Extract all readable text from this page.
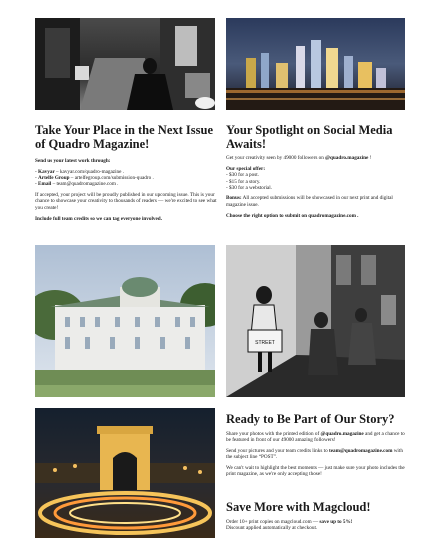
Take Your Place in the Next Issue of Quadro Magazine!

Send us your latest work through:

- Kavyar – kavyar.com/quadro-magazine .
- Artelfe Group – artelfegroup.com/submission-quadro .
- Email – team@quadromagazine.com .

If accepted, your project will be proudly published in our upcoming issue. This is your chance to showcase your creativity to thousands of readers — we're excited to see what you create!

Include full team credits so we can tag everyone involved.

Your Spotlight on Social Media Awaits!

Get your creativity seen by 49000 followers on @quadro.magazine !

Our special offer:

- $30 for a post.
- $15 for a story.
- $30 for a webstorial.

Bonus: All accepted submissions will be showcased in our next print and digital magazine issue.

Choose the right option to submit on quadromagazine.com .

STREET
Ready to Be Part of Our Story?

Share your photos with the printed edition of @quadro.magazine and get a chance to be featured in front of our 49000 amazing followers!

Send your pictures and your team credits links to team@quadromagazine.com with the subject line “POST”.

We can't wait to highlight the best moments — just make sure your photo includes the print magazine, as we're only accepting those!

Save More with Magcloud!

Order 10+ print copies on magcloud.com — save up to 5%!
Discount applied automatically at checkout.
